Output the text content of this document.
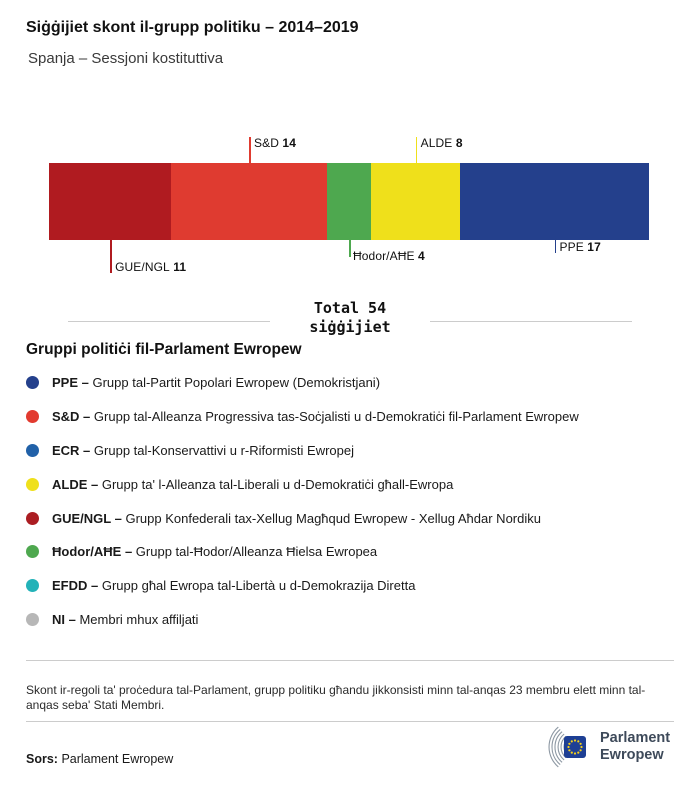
Siġġijiet skont il-grupp politiku – 2014–2019
Spanja – Sessjoni kostituttiva
GUE/NGL 11
S&D 14
Ħodor/AĦE 4
ALDE 8
PPE 17
Total 54
siġġijiet
Gruppi politiċi fil-Parlament Ewropew
PPE – Grupp tal-Partit Popolari Ewropew (Demokristjani)
S&D – Grupp tal-Alleanza Progressiva tas-Soċjalisti u d-Demokratiċi fil-Parlament Ewropew
ECR – Grupp tal-Konservattivi u r-Riformisti Ewropej
ALDE – Grupp ta' l-Alleanza tal-Liberali u d-Demokratiċi għall-Ewropa
GUE/NGL – Grupp Konfederali tax-Xellug Magħqud Ewropew - Xellug Aħdar Nordiku
Ħodor/AĦE – Grupp tal-Ħodor/Alleanza Ħielsa Ewropea
EFDD – Grupp għal Ewropa tal-Libertà u d-Demokrazija Diretta
NI – Membri mhux affiljati

Skont ir-regoli ta' proċedura tal-Parlament, grupp politiku għandu jikkonsisti minn tal-anqas 23 membru elett minn tal-anqas seba' Stati Membri.

Sors: Parlament Ewropew
Parlament
Ewropew
